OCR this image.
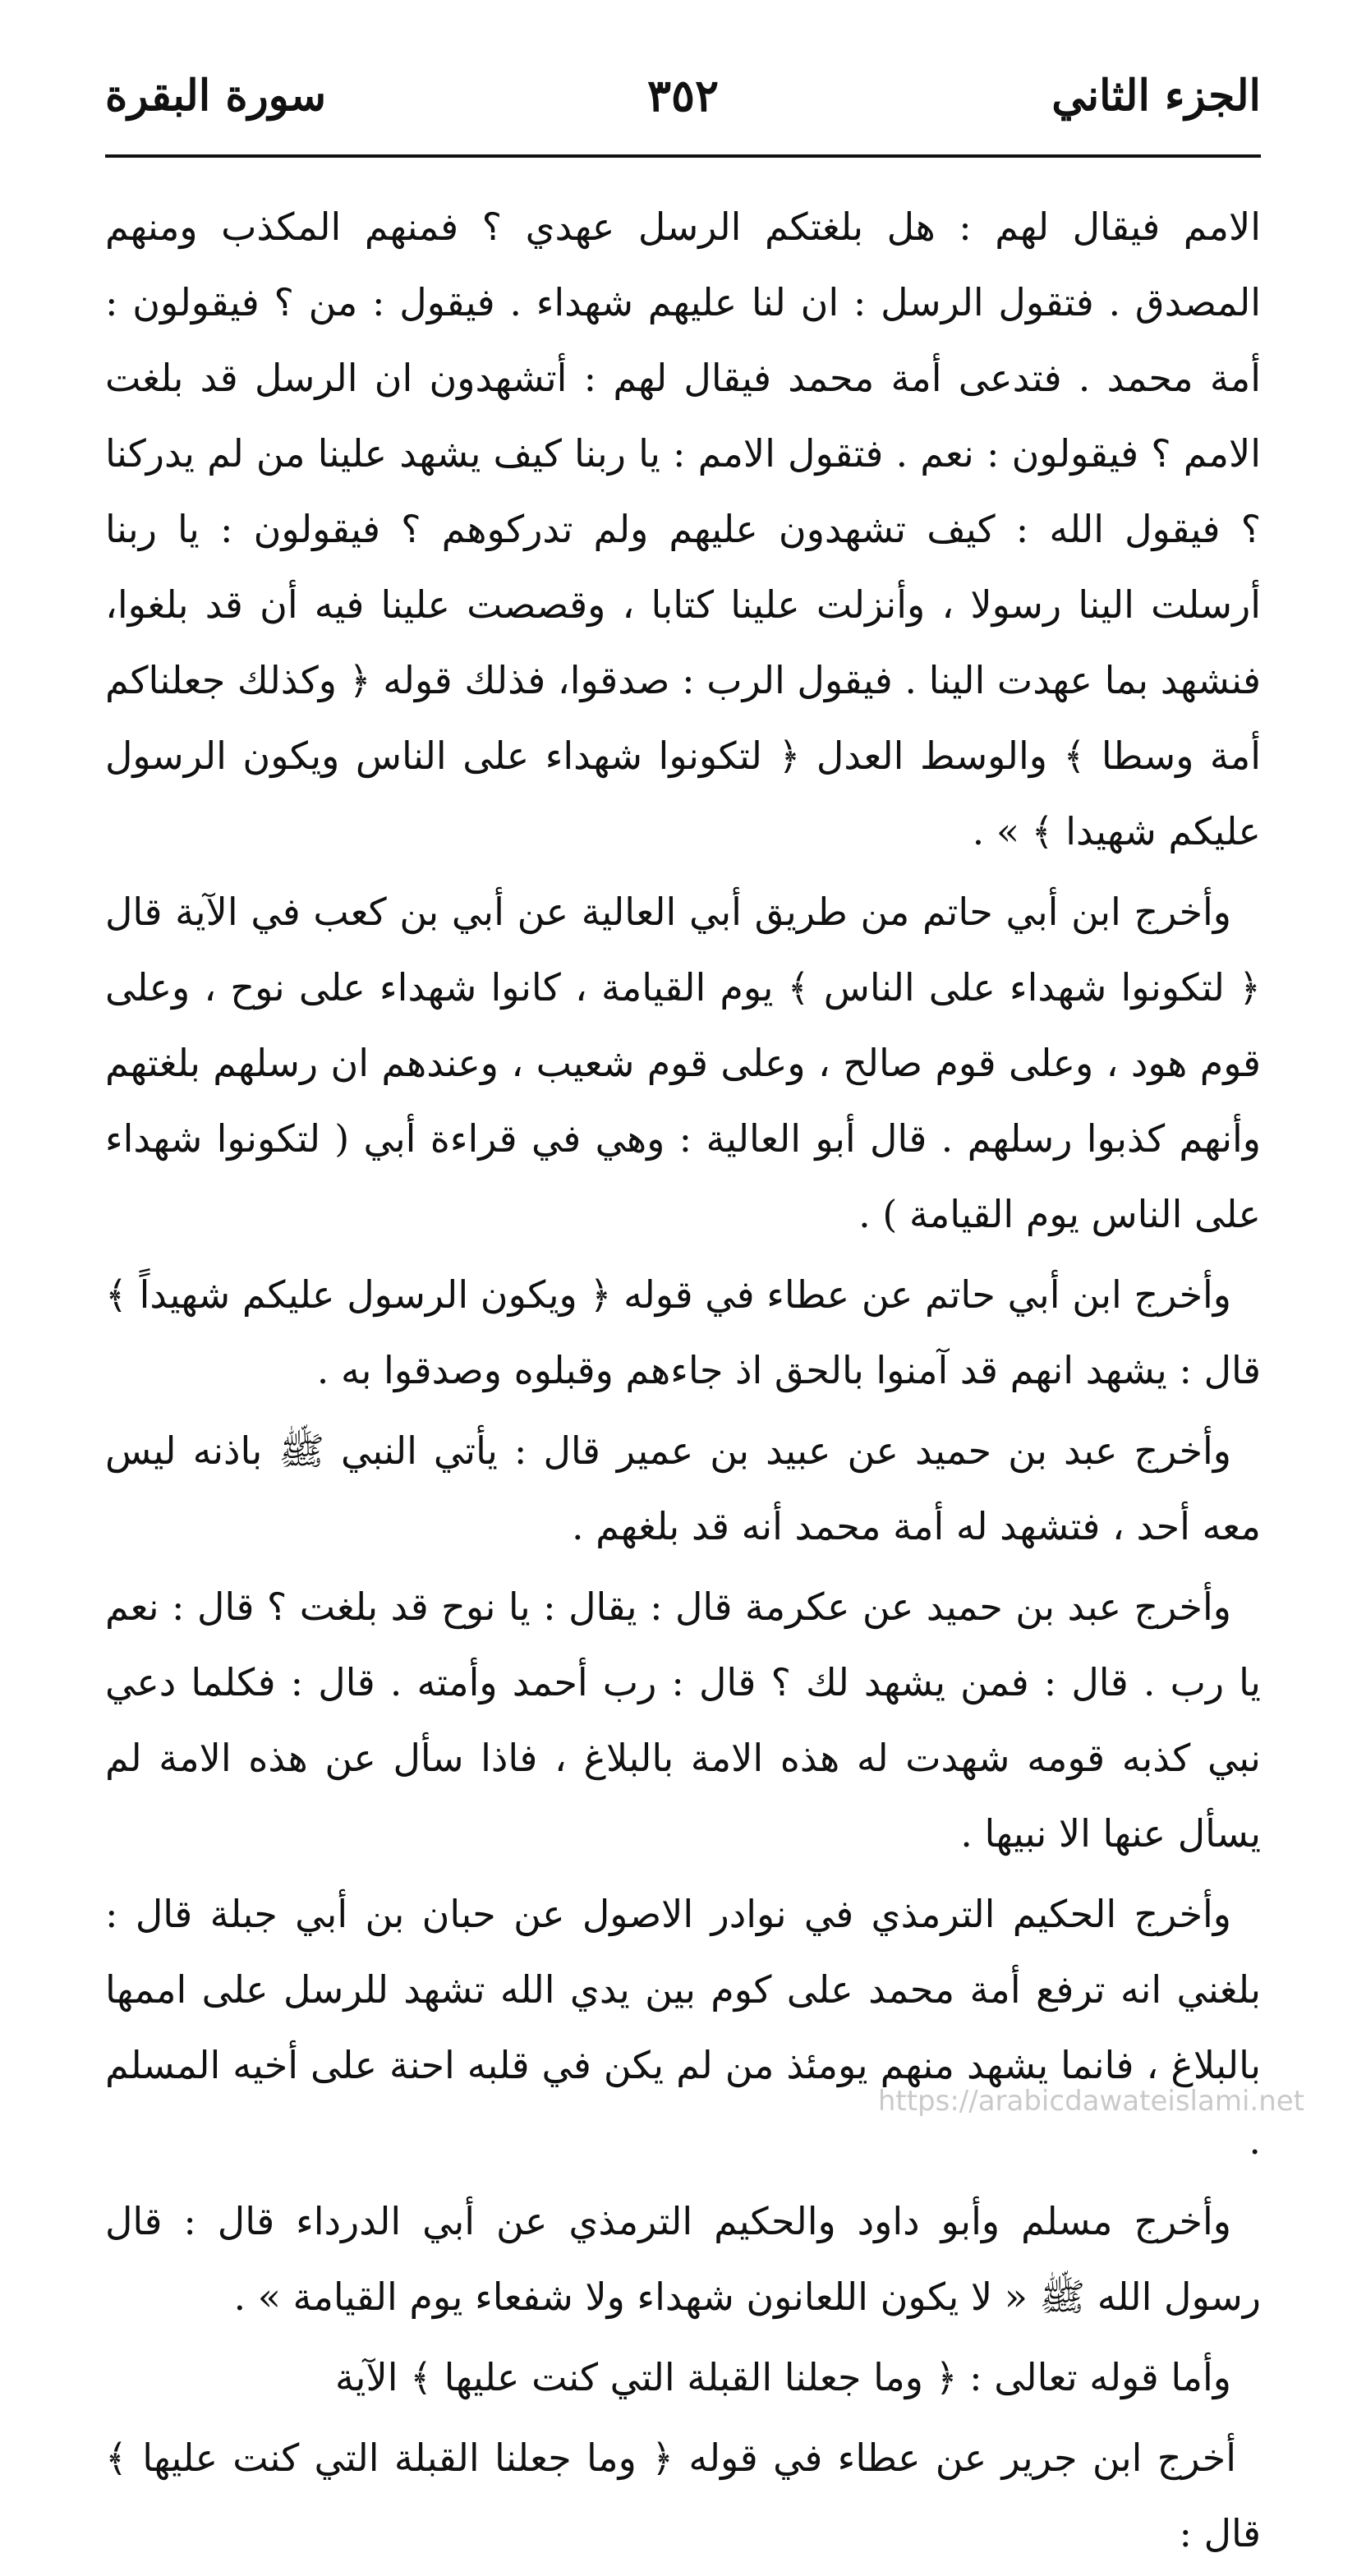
الجزء الثاني
٣٥٢
سورة البقرة

الامم فيقال لهم : هل بلغتكم الرسل عهدي ؟ فمنهم المكذب ومنهم المصدق . فتقول الرسل : ان لنا عليهم شهداء . فيقول : من ؟ فيقولون : أمة محمد . فتدعى أمة محمد فيقال لهم : أتشهدون ان الرسل قد بلغت الامم ؟ فيقولون : نعم . فتقول الامم : يا ربنا كيف يشهد علينا من لم يدركنا ؟ فيقول الله : كيف تشهدون عليهم ولم تدركوهم ؟ فيقولون : يا ربنا أرسلت الينا رسولا ، وأنزلت علينا كتابا ، وقصصت علينا فيه أن قد بلغوا، فنشهد بما عهدت الينا . فيقول الرب : صدقوا، فذلك قوله ﴿ وكذلك جعلناكم أمة وسطا ﴾ والوسط العدل ﴿ لتكونوا شهداء على الناس ويكون الرسول عليكم شهيدا ﴾ » .

وأخرج ابن أبي حاتم من طريق أبي العالية عن أبي بن كعب في الآية قال ﴿ لتكونوا شهداء على الناس ﴾ يوم القيامة ، كانوا شهداء على نوح ، وعلى قوم هود ، وعلى قوم صالح ، وعلى قوم شعيب ، وعندهم ان رسلهم بلغتهم وأنهم كذبوا رسلهم . قال أبو العالية : وهي في قراءة أبي ( لتكونوا شهداء على الناس يوم القيامة ) .

وأخرج ابن أبي حاتم عن عطاء في قوله ﴿ ويكون الرسول عليكم شهيداً ﴾ قال : يشهد انهم قد آمنوا بالحق اذ جاءهم وقبلوه وصدقوا به .

وأخرج عبد بن حميد عن عبيد بن عمير قال : يأتي النبي ﷺ باذنه ليس معه أحد ، فتشهد له أمة محمد أنه قد بلغهم .

وأخرج عبد بن حميد عن عكرمة قال : يقال : يا نوح قد بلغت ؟ قال : نعم يا رب . قال : فمن يشهد لك ؟ قال : رب أحمد وأمته . قال : فكلما دعي نبي كذبه قومه شهدت له هذه الامة بالبلاغ ، فاذا سأل عن هذه الامة لم يسأل عنها الا نبيها .

وأخرج الحكيم الترمذي في نوادر الاصول عن حبان بن أبي جبلة قال : بلغني انه ترفع أمة محمد على كوم بين يدي الله تشهد للرسل على اممها بالبلاغ ، فانما يشهد منهم يومئذ من لم يكن في قلبه احنة على أخيه المسلم .

وأخرج مسلم وأبو داود والحكيم الترمذي عن أبي الدرداء قال : قال رسول الله ﷺ « لا يكون اللعانون شهداء ولا شفعاء يوم القيامة » .

وأما قوله تعالى : ﴿ وما جعلنا القبلة التي كنت عليها ﴾ الآية

أخرج ابن جرير عن عطاء في قوله ﴿ وما جعلنا القبلة التي كنت عليها ﴾ قال :

https://arabicdawateislami.net
